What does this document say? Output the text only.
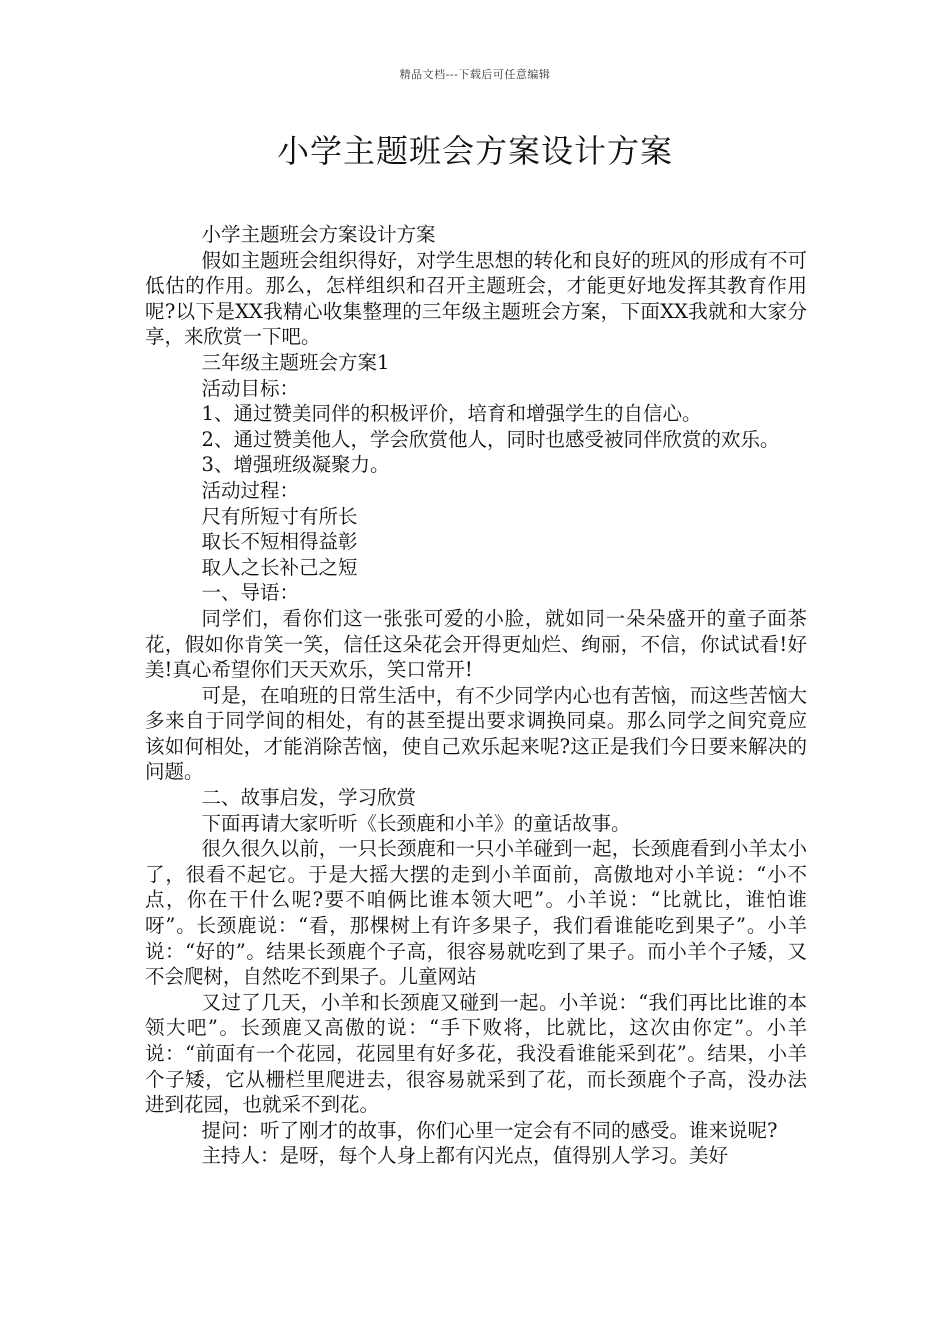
精品文档---下载后可任意编辑
小学主题班会方案设计方案

小学主题班会方案设计方案

假如主题班会组织得好，对学生思想的转化和良好的班风的形成有不可低估的作用。那么，怎样组织和召开主题班会，才能更好地发挥其教育作用呢?以下是XX我精心收集整理的三年级主题班会方案，下面XX我就和大家分享，来欣赏一下吧。

三年级主题班会方案1

活动目标：

1、通过赞美同伴的积极评价，培育和增强学生的自信心。

2、通过赞美他人，学会欣赏他人，同时也感受被同伴欣赏的欢乐。

3、增强班级凝聚力。

活动过程：

尺有所短寸有所长

取长不短相得益彰

取人之长补己之短

一、导语：

同学们，看你们这一张张可爱的小脸，就如同一朵朵盛开的童子面茶花，假如你肯笑一笑，信任这朵花会开得更灿烂、绚丽，不信，你试试看!好美!真心希望你们天天欢乐，笑口常开!

可是，在咱班的日常生活中，有不少同学内心也有苦恼，而这些苦恼大多来自于同学间的相处，有的甚至提出要求调换同桌。那么同学之间究竟应该如何相处，才能消除苦恼，使自己欢乐起来呢?这正是我们今日要来解决的问题。

二、故事启发，学习欣赏

下面再请大家听听《长颈鹿和小羊》的童话故事。

很久很久以前，一只长颈鹿和一只小羊碰到一起，长颈鹿看到小羊太小了，很看不起它。于是大摇大摆的走到小羊面前，高傲地对小羊说：“小不点，你在干什么呢?要不咱俩比谁本领大吧”。小羊说：“比就比，谁怕谁呀”。长颈鹿说：“看，那棵树上有许多果子，我们看谁能吃到果子”。小羊说：“好的”。结果长颈鹿个子高，很容易就吃到了果子。而小羊个子矮，又不会爬树，自然吃不到果子。儿童网站

又过了几天，小羊和长颈鹿又碰到一起。小羊说：“我们再比比谁的本领大吧”。长颈鹿又高傲的说：“手下败将，比就比，这次由你定”。小羊说：“前面有一个花园，花园里有好多花，我没看谁能采到花”。结果，小羊个子矮，它从栅栏里爬进去，很容易就采到了花，而长颈鹿个子高，没办法进到花园，也就采不到花。

提问：听了刚才的故事，你们心里一定会有不同的感受。谁来说呢?

主持人：是呀，每个人身上都有闪光点，值得别人学习。美好
